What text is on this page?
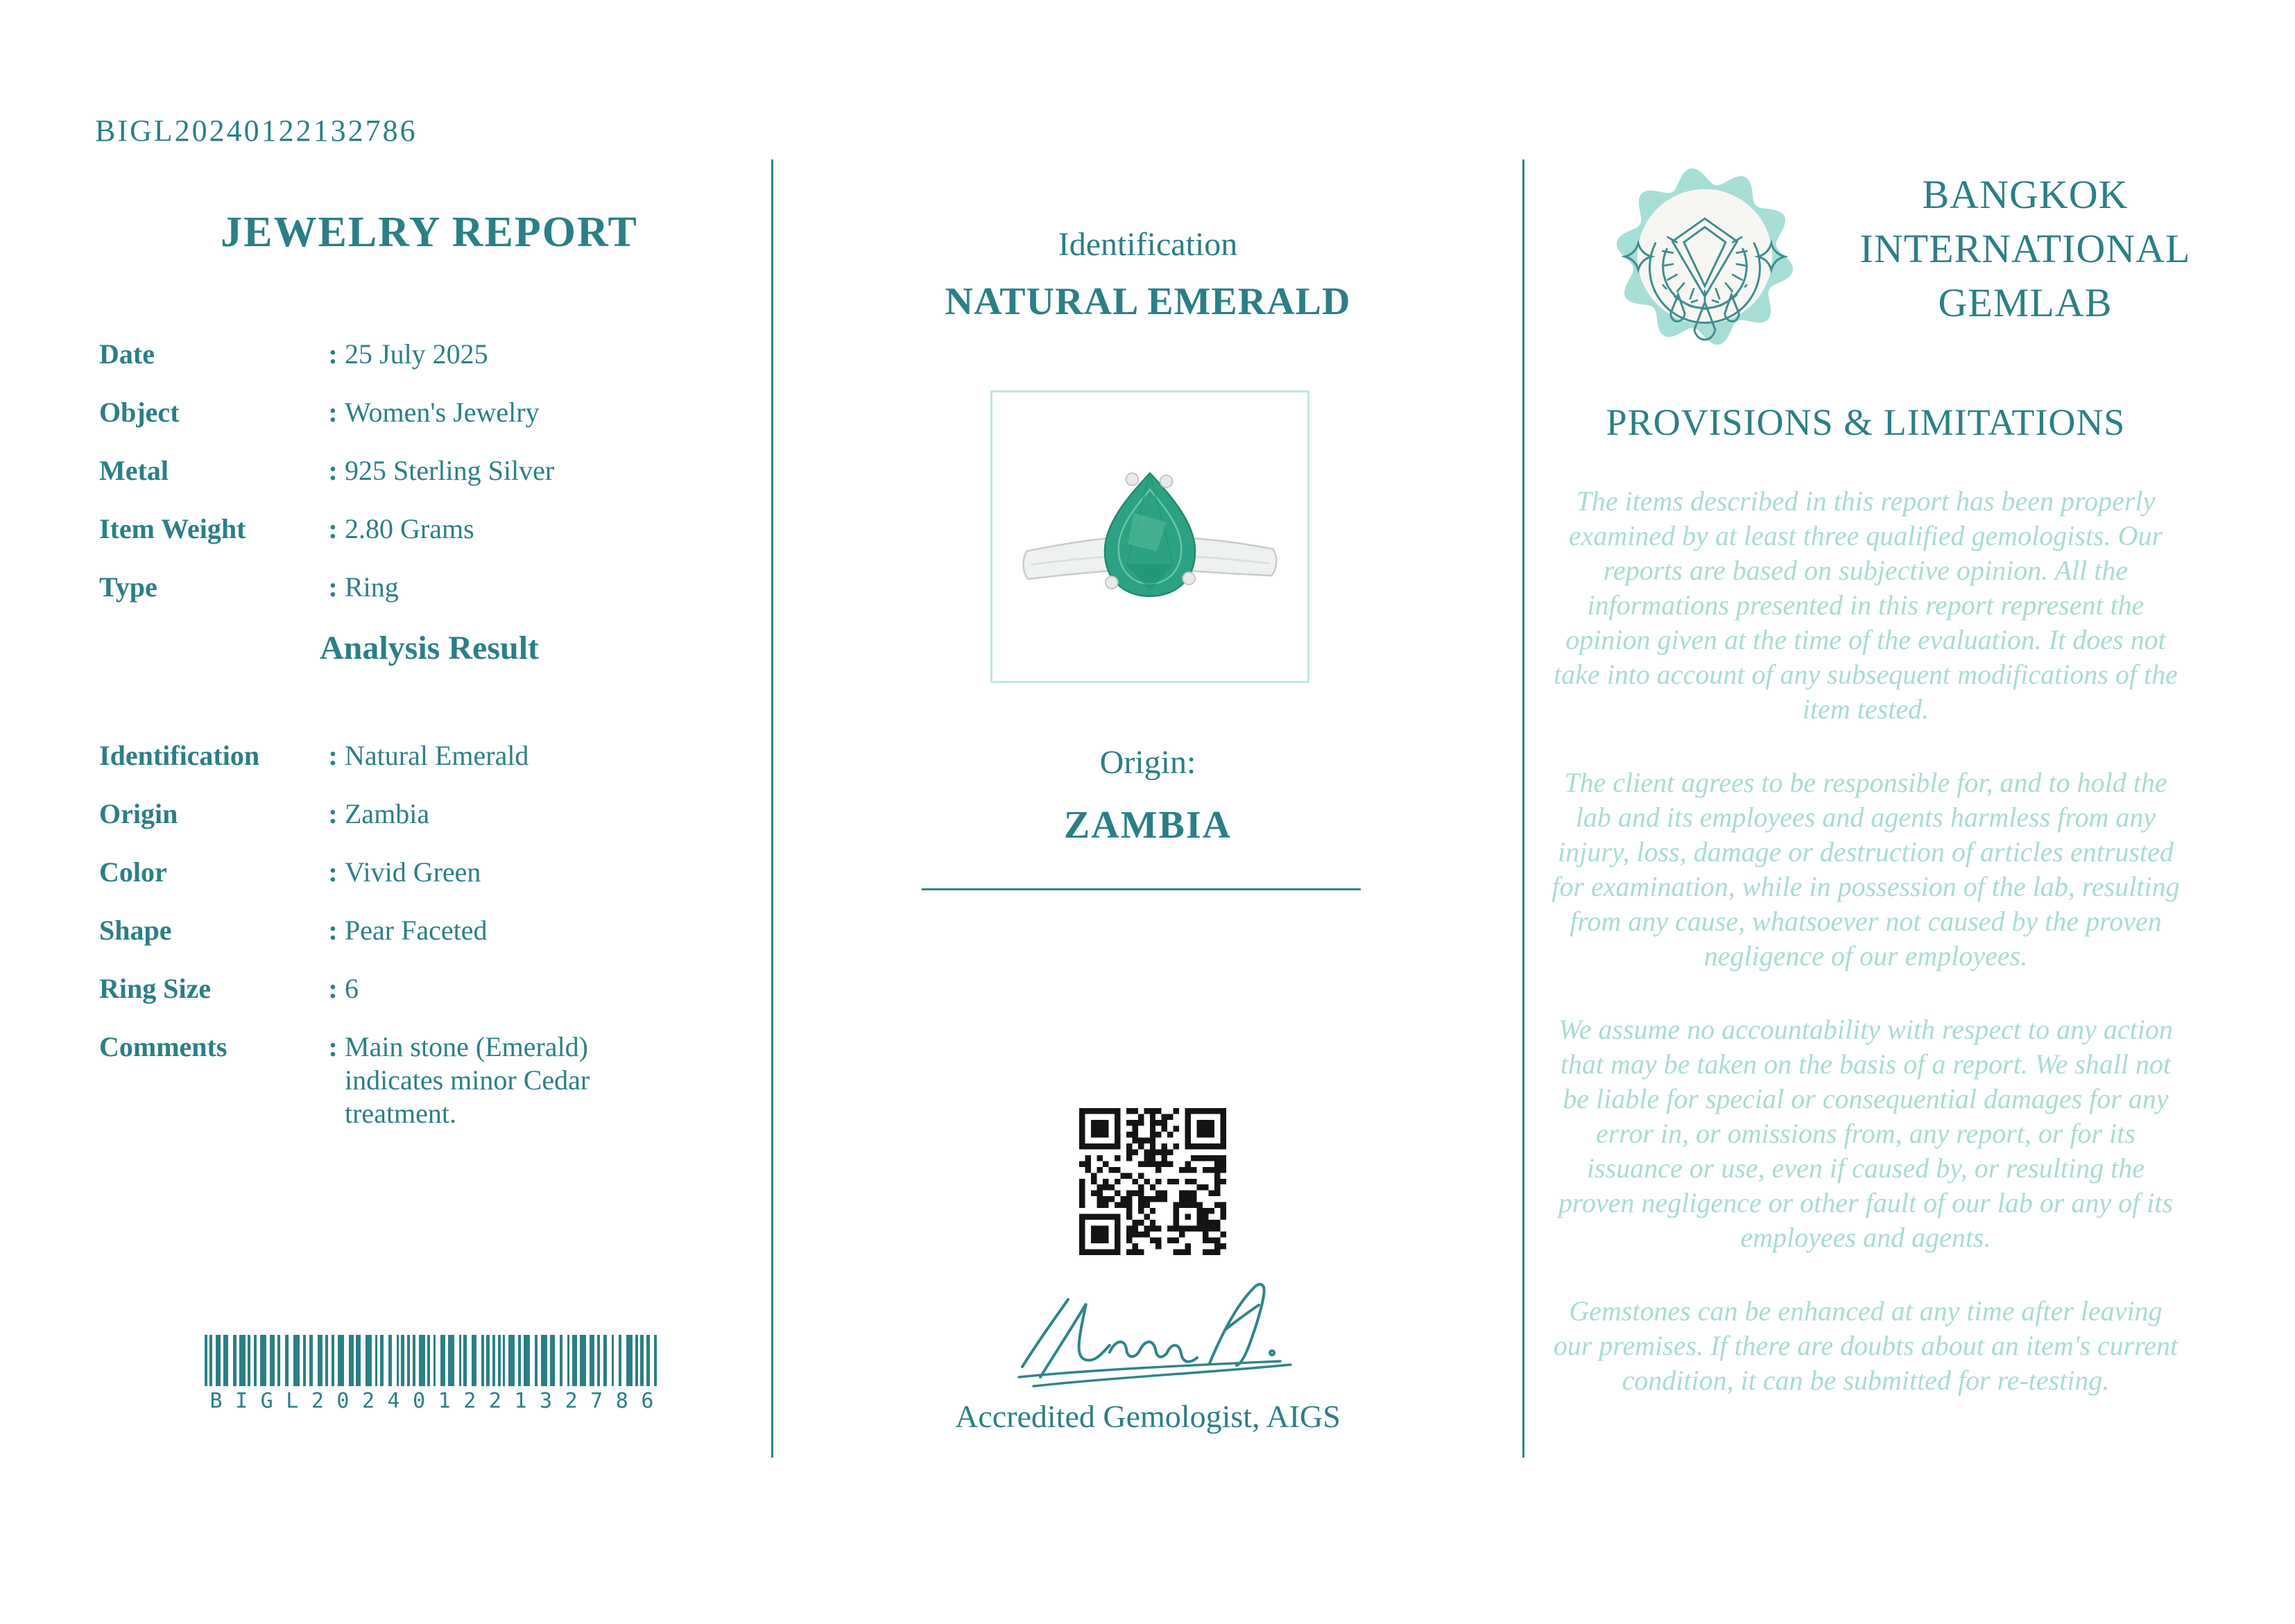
BIGL20240122132786
JEWELRY REPORT
Date	: 25 July 2025
Object	: Women's Jewelry
Metal	: 925 Sterling Silver
Item Weight	: 2.80 Grams
Type	: Ring
Analysis Result
Identification	: Natural Emerald
Origin	: Zambia
Color	: Vivid Green
Shape	: Pear Faceted
Ring Size	: 6
Comments	: Main stone (Emerald) indicates minor Cedar treatment.
B I G L 2 0 2 4 0 1 2 2 1 3 2 7 8 6
Identification
NATURAL EMERALD
Origin:
ZAMBIA
Accredited Gemologist, AIGS
BANGKOK
INTERNATIONAL
GEMLAB
PROVISIONS & LIMITATIONS

The items described in this report has been properly examined by at least three qualified gemologists. Our reports are based on subjective opinion. All the informations presented in this report represent the opinion given at the time of the evaluation. It does not take into account of any subsequent modifications of the item tested.

The client agrees to be responsible for, and to hold the lab and its employees and agents harmless from any injury, loss, damage or destruction of articles entrusted for examination, while in possession of the lab, resulting from any cause, whatsoever not caused by the proven negligence of our employees.

We assume no accountability with respect to any action that may be taken on the basis of a report. We shall not be liable for special or consequential damages for any error in, or omissions from, any report, or for its issuance or use, even if caused by, or resulting the proven negligence or other fault of our lab or any of its employees and agents.

Gemstones can be enhanced at any time after leaving our premises. If there are doubts about an item's current condition, it can be submitted for re-testing.
